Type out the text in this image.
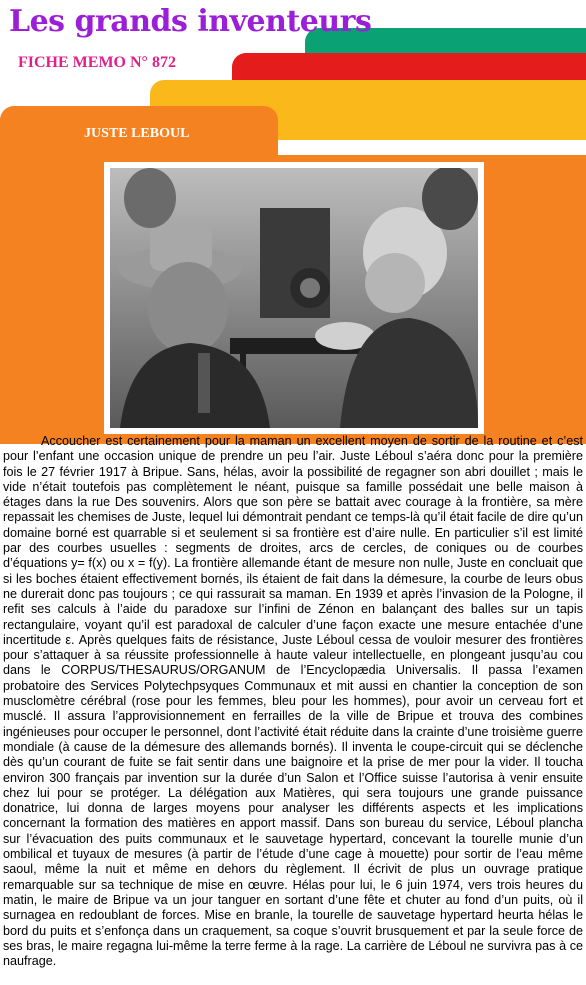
Les grands inventeurs
FICHE MEMO N° 872
JUSTE LEBOUL

Accoucher est certainement pour la maman un excellent moyen de sortir de la routine et c’est pour l’enfant une occasion unique de prendre un peu l’air. Juste Léboul s’aéra donc pour la première fois le 27 février 1917 à Bripue. Sans, hélas, avoir la possibilité de regagner son abri douillet ; mais le vide n’était toutefois pas complètement le néant, puisque sa famille possédait une belle maison à étages dans la rue Des souvenirs. Alors que son père se battait avec courage à la frontière, sa mère repassait les chemises de Juste, lequel lui démontrait pendant ce temps-là qu’il était facile de dire qu’un domaine borné est quarrable si et seulement si sa frontière est d’aire nulle. En particulier s’il est limité par des courbes usuelles : segments de droites, arcs de cercles, de coniques ou de courbes d’équations y= f(x) ou x = f(y). La frontière allemande étant de mesure non nulle, Juste en concluait que si les boches étaient effectivement bornés, ils étaient de fait dans la démesure, la courbe de leurs obus ne durerait donc pas toujours ; ce qui rassurait sa maman. En 1939 et après l’invasion de la Pologne, il refit ses calculs à l’aide du paradoxe sur l’infini de Zénon en balançant des balles sur un tapis rectangulaire, voyant qu’il est paradoxal de calculer d’une façon exacte une mesure entachée d’une incertitude ε. Après quelques faits de résistance, Juste Léboul cessa de vouloir mesurer des frontières pour s’attaquer à sa réussite professionnelle à haute valeur intellectuelle, en plongeant jusqu’au cou dans le CORPUS/THESAURUS/ORGANUM de l’Encyclopædia Universalis. Il passa l’examen probatoire des Services Polytechpsyques Communaux et mit aussi en chantier la conception de son musclomètre cérébral (rose pour les femmes, bleu pour les hommes), pour avoir un cerveau fort et musclé. Il assura l’approvisionnement en ferrailles de la ville de Bripue et trouva des combines ingénieuses pour occuper le personnel, dont l’activité était réduite dans la crainte d’une troisième guerre mondiale (à cause de la démesure des allemands bornés). Il inventa le coupe-circuit qui se déclenche dès qu’un courant de fuite se fait sentir dans une baignoire et la prise de mer pour la vider. Il toucha environ 300 français par invention sur la durée d’un Salon et l’Office suisse l’autorisa à venir ensuite chez lui pour se protéger. La délégation aux Matières, qui sera toujours une grande puissance donatrice, lui donna de larges moyens pour analyser les différents aspects et les implications concernant la formation des matières en apport massif. Dans son bureau du service, Léboul plancha sur l’évacuation des puits communaux et le sauvetage hypertard, concevant la tourelle munie d’un ombilical et tuyaux de mesures (à partir de l’étude d’une cage à mouette) pour sortir de l’eau même saoul, même la nuit et même en dehors du règlement. Il écrivit de plus un ouvrage pratique remarquable sur sa technique de mise en œuvre. Hélas pour lui, le 6 juin 1974, vers trois heures du matin, le maire de Bripue va un jour tanguer en sortant d’une fête et chuter au fond d’un puits, où il surnagea en redoublant de forces. Mise en branle, la tourelle de sauvetage hypertard heurta hélas le bord du puits et s’enfonça dans un craquement, sa coque s’ouvrit brusquement et par la seule force de ses bras, le maire regagna lui-même la terre ferme à la rage. La carrière de Léboul ne survivra pas à ce naufrage.
